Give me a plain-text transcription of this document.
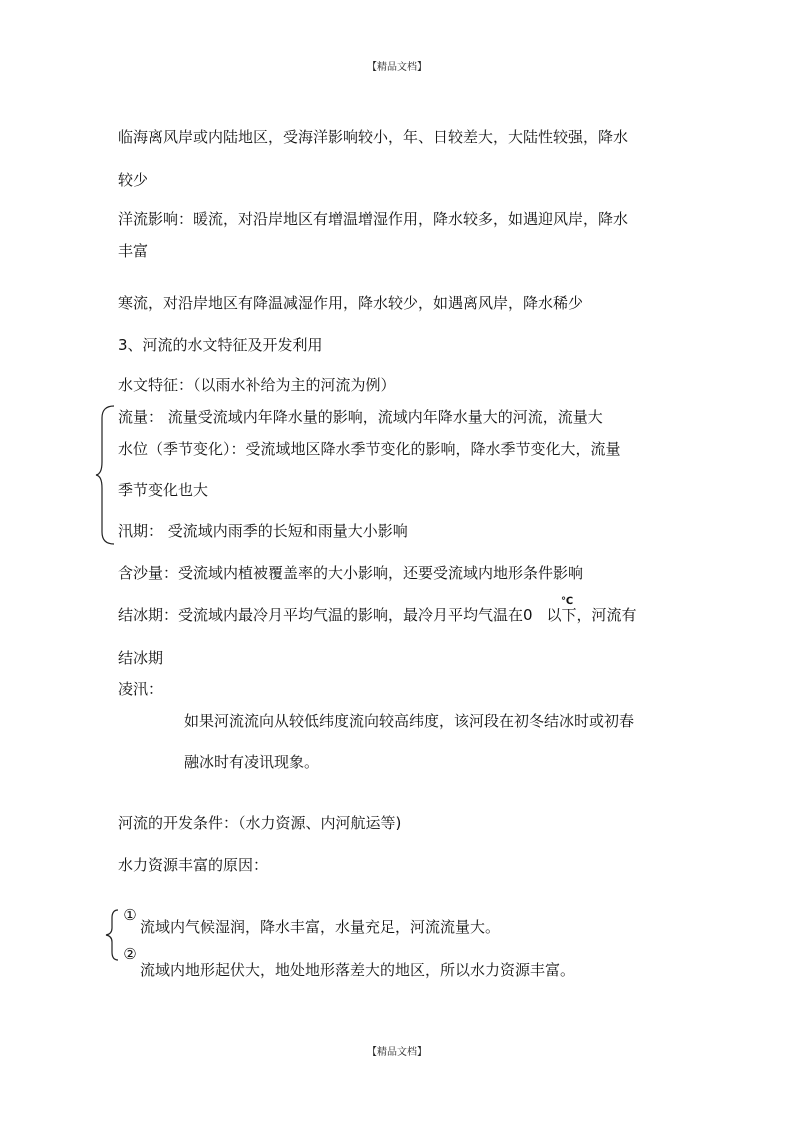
【精品文档】
临海离风岸或内陆地区，受海洋影响较小，年、日较差大，大陆性较强，降水
较少
洋流影响：暖流，对沿岸地区有增温增湿作用，降水较多，如遇迎风岸，降水
丰富
寒流，对沿岸地区有降温减湿作用，降水较少，如遇离风岸，降水稀少
3、河流的水文特征及开发利用
水文特征：（以雨水补给为主的河流为例）
流量： 流量受流域内年降水量的影响，流域内年降水量大的河流，流量大
水位（季节变化）：受流域地区降水季节变化的影响，降水季节变化大，流量
季节变化也大
汛期： 受流域内雨季的长短和雨量大小影响
含沙量：受流域内植被覆盖率的大小影响，还要受流域内地形条件影响
结冰期：受流域内最冷月平均气温的影响，最冷月平均气温在0 以下，河流有
℃
结冰期
凌汛：
如果河流流向从较低纬度流向较高纬度，该河段在初冬结冰时或初春
融冰时有凌讯现象。
河流的开发条件：（水力资源、内河航运等)
水力资源丰富的原因：
①
流域内气候湿润，降水丰富，水量充足，河流流量大。
②
流域内地形起伏大，地处地形落差大的地区，所以水力资源丰富。
【精品文档】
